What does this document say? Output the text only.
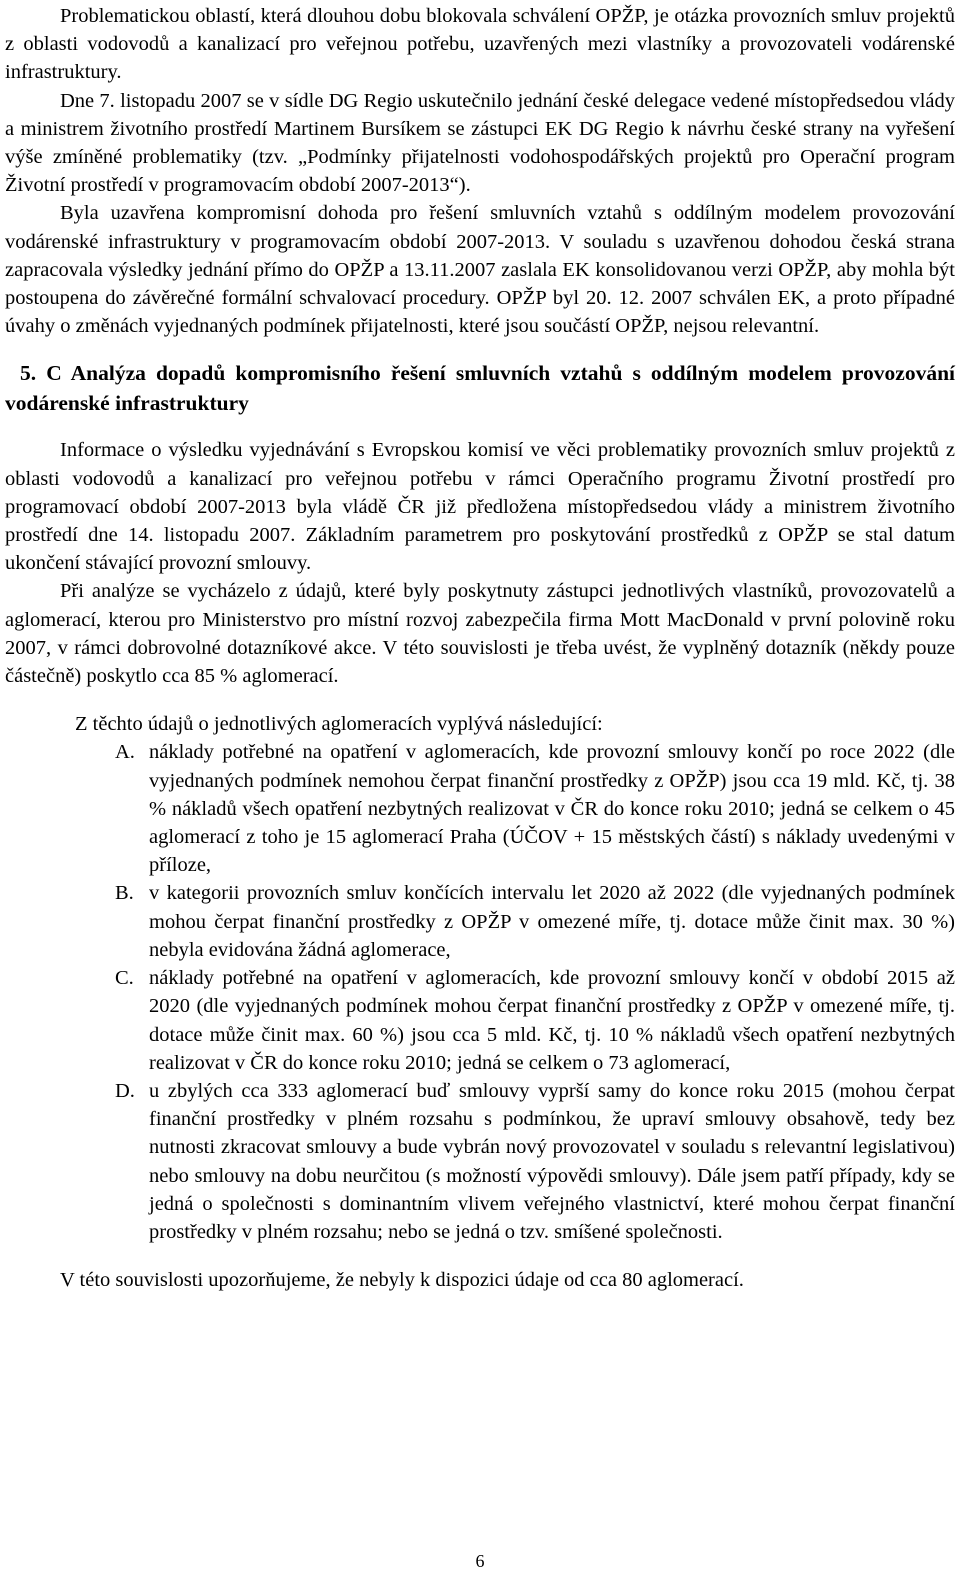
Problematickou oblastí, která dlouhou dobu blokovala schválení OPŽP, je otázka provozních smluv projektů z oblasti vodovodů a kanalizací pro veřejnou potřebu, uzavřených mezi vlastníky a provozovateli vodárenské infrastruktury.

Dne 7. listopadu 2007 se v sídle DG Regio uskutečnilo jednání české delegace vedené místopředsedou vlády a ministrem životního prostředí Martinem Bursíkem se zástupci EK DG Regio k návrhu české strany na vyřešení výše zmíněné problematiky (tzv. „Podmínky přijatelnosti vodohospodářských projektů pro Operační program Životní prostředí v programovacím období 2007-2013“).

Byla uzavřena kompromisní dohoda pro řešení smluvních vztahů s oddílným modelem provozování vodárenské infrastruktury v programovacím období 2007-2013. V souladu s uzavřenou dohodou česká strana zapracovala výsledky jednání přímo do OPŽP a 13.11.2007 zaslala EK konsolidovanou verzi OPŽP, aby mohla být postoupena do závěrečné formální schvalovací procedury. OPŽP byl 20. 12. 2007 schválen EK, a proto případné úvahy o změnách vyjednaných podmínek přijatelnosti, které jsou součástí OPŽP, nejsou relevantní.

5. C Analýza dopadů kompromisního řešení smluvních vztahů s oddílným modelem provozování vodárenské infrastruktury

Informace o výsledku vyjednávání s Evropskou komisí ve věci problematiky provozních smluv projektů z oblasti vodovodů a kanalizací pro veřejnou potřebu v rámci Operačního programu Životní prostředí pro programovací období 2007-2013 byla vládě ČR již předložena místopředsedou vlády a ministrem životního prostředí dne 14. listopadu 2007. Základním parametrem pro poskytování prostředků z OPŽP se stal datum ukončení stávající provozní smlouvy.

Při analýze se vycházelo z údajů, které byly poskytnuty zástupci jednotlivých vlastníků, provozovatelů a aglomerací, kterou pro Ministerstvo pro místní rozvoj zabezpečila firma Mott MacDonald v první polovině roku 2007, v rámci dobrovolné dotazníkové akce. V této souvislosti je třeba uvést, že vyplněný dotazník (někdy pouze částečně) poskytlo cca 85 % aglomerací.

Z těchto údajů o jednotlivých aglomeracích vyplývá následující:

A. náklady potřebné na opatření v aglomeracích, kde provozní smlouvy končí po roce 2022 (dle vyjednaných podmínek nemohou čerpat finanční prostředky z OPŽP) jsou cca 19 mld. Kč, tj. 38 % nákladů všech opatření nezbytných realizovat v ČR do konce roku 2010; jedná se celkem o 45 aglomerací z toho je 15 aglomerací Praha (ÚČOV + 15 městských částí) s náklady uvedenými v příloze,
B. v kategorii provozních smluv končících intervalu let 2020 až 2022 (dle vyjednaných podmínek mohou čerpat finanční prostředky z OPŽP v omezené míře, tj. dotace může činit max. 30 %) nebyla evidována žádná aglomerace,
C. náklady potřebné na opatření v aglomeracích, kde provozní smlouvy končí v období 2015 až 2020 (dle vyjednaných podmínek mohou čerpat finanční prostředky z OPŽP v omezené míře, tj. dotace může činit max. 60 %) jsou cca 5 mld. Kč, tj. 10 % nákladů všech opatření nezbytných realizovat v ČR do konce roku 2010; jedná se celkem o 73 aglomerací,
D. u zbylých cca 333 aglomerací buď smlouvy vyprší samy do konce roku 2015 (mohou čerpat finanční prostředky v plném rozsahu s podmínkou, že upraví smlouvy obsahově, tedy bez nutnosti zkracovat smlouvy a bude vybrán nový provozovatel v souladu s relevantní legislativou) nebo smlouvy na dobu neurčitou (s možností výpovědi smlouvy). Dále jsem patří případy, kdy se jedná o společnosti s dominantním vlivem veřejného vlastnictví, které mohou čerpat finanční prostředky v plném rozsahu; nebo se jedná o tzv. smíšené společnosti.

V této souvislosti upozorňujeme, že nebyly k dispozici údaje od cca 80 aglomerací.

6
